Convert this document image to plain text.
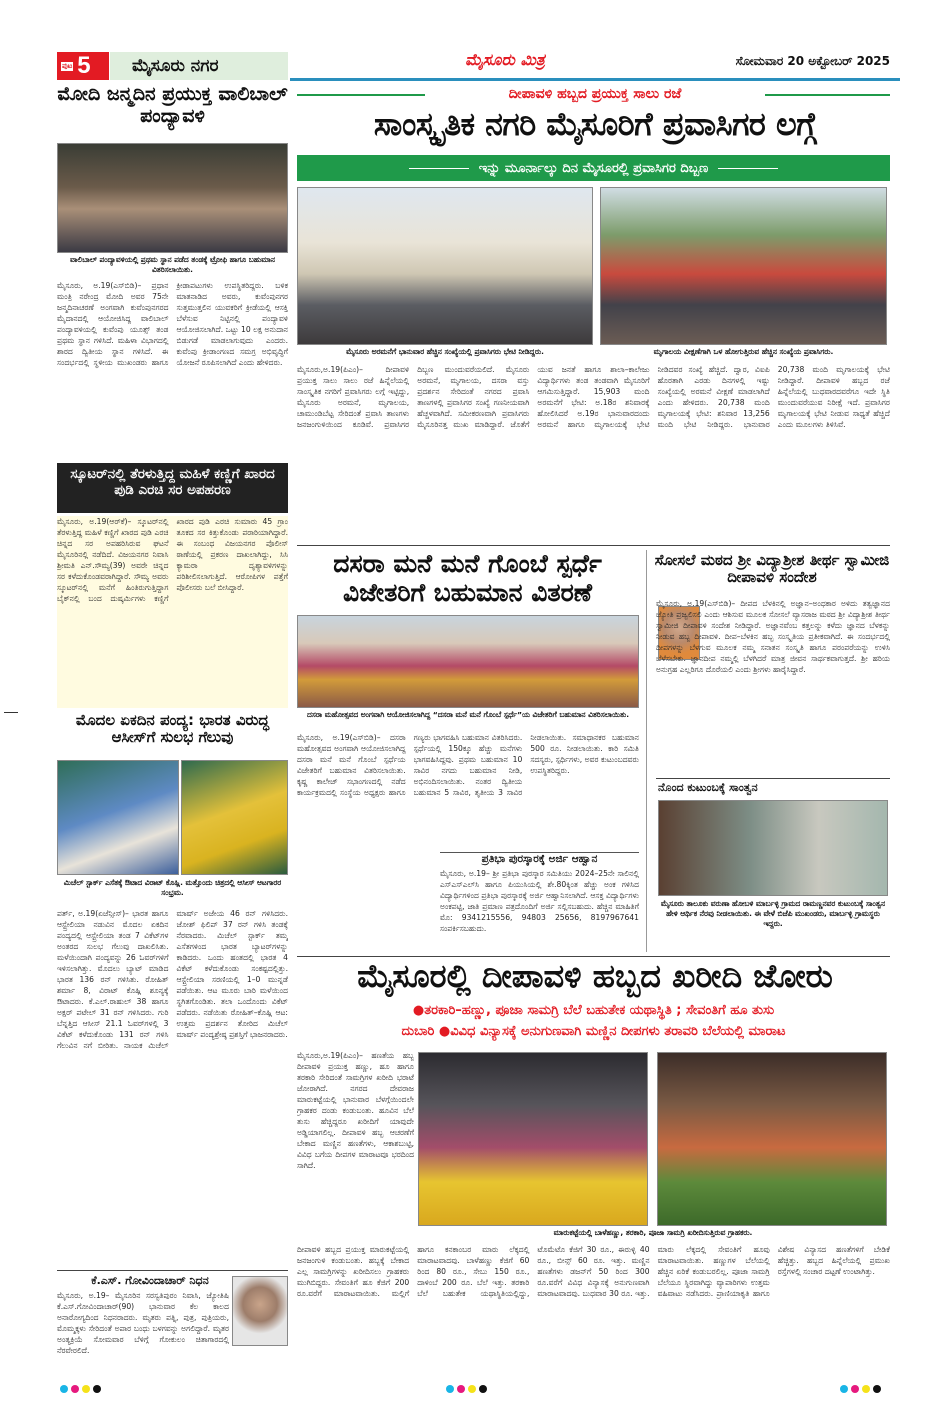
ಪುಟ 5	ಮೈಸೂರು ನಗರ	ಮೈಸೂರು ಮಿತ್ರ	ಸೋಮವಾರ 20 ಅಕ್ಟೋಬರ್ 2025
ಮೋದಿ ಜನ್ಮದಿನ ಪ್ರಯುಕ್ತ ವಾಲಿಬಾಲ್ ಪಂದ್ಯಾವಳಿ
ವಾಲಿಬಾಲ್ ಪಂದ್ಯಾವಳಿಯಲ್ಲಿ ಪ್ರಥಮ ಸ್ಥಾನ ಪಡೆದ ತಂಡಕ್ಕೆ ಟ್ರೋಫಿ ಹಾಗೂ ಬಹುಮಾನ ವಿತರಿಸಲಾಯಿತು.
ಮೈಸೂರು, ಅ.19(ಎಸ್‌ಬಿಡಿ)– ಪ್ರಧಾನ ಮಂತ್ರಿ ನರೇಂದ್ರ ಮೋದಿ ಅವರ 75ನೇ ಜನ್ಮದಿನಾಚರಣೆ ಅಂಗವಾಗಿ ಕುವೆಂಪುನಗರದ ಮೈದಾನದಲ್ಲಿ ಆಯೋಜಿಸಿದ್ದ ವಾಲಿಬಾಲ್ ಪಂದ್ಯಾವಳಿಯಲ್ಲಿ ಕುವೆಂಪು ಯೂತ್ಸ್ ತಂಡ ಪ್ರಥಮ ಸ್ಥಾನ ಗಳಿಸಿದೆ. ಮಹಿಳಾ ವಿಭಾಗದಲ್ಲಿ ಶಾರದ ದ್ವಿತೀಯ ಸ್ಥಾನ ಗಳಿಸಿದೆ. ಈ ಸಂದರ್ಭದಲ್ಲಿ ಸ್ಥಳೀಯ ಮುಖಂಡರು ಹಾಗೂ ಕ್ರೀಡಾಪಟುಗಳು ಉಪಸ್ಥಿತರಿದ್ದರು. ಬಳಿಕ ಮಾತನಾಡಿದ ಅವರು, ಕುವೆಂಪುನಗರ ಸುತ್ತಮುತ್ತಲಿನ ಯುವಕರಿಗೆ ಕ್ರೀಡೆಯಲ್ಲಿ ಆಸಕ್ತಿ ಬೆಳೆಸುವ ನಿಟ್ಟಿನಲ್ಲಿ ಪಂದ್ಯಾವಳಿ ಆಯೋಜಿಸಲಾಗಿದೆ. ಒಟ್ಟು 10 ಲಕ್ಷ ಅನುದಾನ ಬಿಡುಗಡೆ ಮಾಡಲಾಗುವುದು ಎಂದರು. ಕುವೆಂಪು ಕ್ರೀಡಾಂಗಣದ ಸಮಗ್ರ ಅಭಿವೃದ್ಧಿಗೆ ಯೋಜನೆ ರೂಪಿಸಲಾಗಿದೆ ಎಂದು ಹೇಳಿದರು.
ಸ್ಕೂಟರ್‌ನಲ್ಲಿ ತೆರಳುತ್ತಿದ್ದ ಮಹಿಳೆ ಕಣ್ಣಿಗೆ ಖಾರದ ಪುಡಿ ಎರಚಿ ಸರ ಅಪಹರಣ
ಮೈಸೂರು, ಅ.19(ಆರ್‌ಕೆ)– ಸ್ಕೂಟರ್‌ನಲ್ಲಿ ತೆರಳುತ್ತಿದ್ದ ಮಹಿಳೆ ಕಣ್ಣಿಗೆ ಖಾರದ ಪುಡಿ ಎರಚಿ ಚಿನ್ನದ ಸರ ಅಪಹರಿಸಿರುವ ಘಟನೆ ಮೈಸೂರಿನಲ್ಲಿ ನಡೆದಿದೆ. ವಿಜಯನಗರ ನಿವಾಸಿ ಶ್ರೀಮತಿ ಎನ್.ಸೌಮ್ಯ(39) ಅವರೇ ಚಿನ್ನದ ಸರ ಕಳೆದುಕೊಂಡವರಾಗಿದ್ದಾರೆ. ಸೌಮ್ಯ ಅವರು ಸ್ಕೂಟರ್‌ನಲ್ಲಿ ಮನೆಗೆ ಹಿಂತಿರುಗುತ್ತಿದ್ದಾಗ ಬೈಕ್‌ನಲ್ಲಿ ಬಂದ ದುಷ್ಕರ್ಮಿಗಳು ಕಣ್ಣಿಗೆ ಖಾರದ ಪುಡಿ ಎರಚಿ ಸುಮಾರು 45 ಗ್ರಾಂ ತೂಕದ ಸರ ಕಿತ್ತುಕೊಂಡು ಪರಾರಿಯಾಗಿದ್ದಾರೆ. ಈ ಸಂಬಂಧ ವಿಜಯನಗರ ಪೊಲೀಸ್ ಠಾಣೆಯಲ್ಲಿ ಪ್ರಕರಣ ದಾಖಲಾಗಿದ್ದು, ಸಿಸಿ ಕ್ಯಾಮರಾ ದೃಶ್ಯಾವಳಿಗಳನ್ನು ಪರಿಶೀಲಿಸಲಾಗುತ್ತಿದೆ. ಆರೋಪಿಗಳ ಪತ್ತೆಗೆ ಪೊಲೀಸರು ಬಲೆ ಬೀಸಿದ್ದಾರೆ.
ಮೊದಲ ಏಕದಿನ ಪಂದ್ಯ: ಭಾರತ ವಿರುದ್ಧ ಆಸೀಸ್‌ಗೆ ಸುಲಭ ಗೆಲುವು
ಮಿಚೆಲ್ ಸ್ಟಾರ್ಕ್ ಎಸೆತಕ್ಕೆ ಔಟಾದ ವಿರಾಟ್ ಕೊಹ್ಲಿ. ಮತ್ತೊಂದು ಚಿತ್ರದಲ್ಲಿ ಆಸೀಸ್ ಆಟಗಾರರ ಸಂಭ್ರಮ.
ಪರ್ತ್, ಅ.19(ಏಜೆನ್ಸೀಸ್)– ಭಾರತ ಹಾಗೂ ಆಸ್ಟ್ರೇಲಿಯಾ ನಡುವಿನ ಮೊದಲ ಏಕದಿನ ಪಂದ್ಯದಲ್ಲಿ ಆಸ್ಟ್ರೇಲಿಯಾ ತಂಡ 7 ವಿಕೆಟ್‌ಗಳ ಅಂತರದ ಸುಲಭ ಗೆಲುವು ದಾಖಲಿಸಿತು. ಮಳೆಯಿಂದಾಗಿ ಪಂದ್ಯವನ್ನು 26 ಓವರ್‌ಗಳಿಗೆ ಇಳಿಸಲಾಗಿತ್ತು. ಮೊದಲು ಬ್ಯಾಟ್ ಮಾಡಿದ ಭಾರತ 136 ರನ್ ಗಳಿಸಿತು. ರೋಹಿತ್ ಶರ್ಮಾ 8, ವಿರಾಟ್ ಕೊಹ್ಲಿ ಶೂನ್ಯಕ್ಕೆ ಔಟಾದರು. ಕೆ.ಎಲ್.ರಾಹುಲ್ 38 ಹಾಗೂ ಅಕ್ಷರ್ ಪಟೇಲ್ 31 ರನ್ ಗಳಿಸಿದರು. ಗುರಿ ಬೆನ್ನತ್ತಿದ ಆಸೀಸ್ 21.1 ಓವರ್‌ಗಳಲ್ಲಿ 3 ವಿಕೆಟ್ ಕಳೆದುಕೊಂಡು 131 ರನ್ ಗಳಿಸಿ ಗೆಲುವಿನ ನಗೆ ಬೀರಿತು. ನಾಯಕ ಮಿಚೆಲ್ ಮಾರ್ಷ್ ಅಜೇಯ 46 ರನ್ ಗಳಿಸಿದರು. ಜೋಶ್ ಫಿಲಿಪ್ 37 ರನ್ ಗಳಿಸಿ ತಂಡಕ್ಕೆ ನೆರವಾದರು. ಮಿಚೆಲ್ ಸ್ಟಾರ್ಕ್ ತಮ್ಮ ಎಸೆತಗಳಿಂದ ಭಾರತ ಬ್ಯಾಟರ್‌ಗಳನ್ನು ಕಾಡಿದರು. ಒಂದು ಹಂತದಲ್ಲಿ ಭಾರತ 4 ವಿಕೆಟ್ ಕಳೆದುಕೊಂಡು ಸಂಕಷ್ಟದಲ್ಲಿತ್ತು. ಆಸ್ಟ್ರೇಲಿಯಾ ಸರಣಿಯಲ್ಲಿ 1–0 ಮುನ್ನಡೆ ಪಡೆಯಿತು. ಆಟ ಮೂರು ಬಾರಿ ಮಳೆಯಿಂದ ಸ್ಥಗಿತಗೊಂಡಿತು. ತಲಾ ಒಂದೊಂದು ವಿಕೆಟ್ ಪಡೆದರು. ನಡೆಯಿತು ರೋಹಿತ್–ಕೊಹ್ಲಿ ಆಟ: ಉತ್ತಮ ಪ್ರದರ್ಶನ ತೋರಿದ ಮಿಚೆಲ್ ಮಾರ್ಷ್ ಪಂದ್ಯಶ್ರೇಷ್ಠ ಪ್ರಶಸ್ತಿಗೆ ಭಾಜನರಾದರು.
ಕೆ.ಎಸ್. ಗೋವಿಂದಾಚಾರ್ ನಿಧನ
ಮೈಸೂರು, ಅ.19– ಮೈಸೂರಿನ ಸರಸ್ವತಿಪುರಂ ನಿವಾಸಿ, ಜ್ಯೋತಿಷಿ ಕೆ.ಎಸ್.ಗೋವಿಂದಾಚಾರ್(90) ಭಾನುವಾರ ಕೆಲ ಕಾಲದ ಅನಾರೋಗ್ಯದಿಂದ ನಿಧನರಾದರು. ಮೃತರು ಪತ್ನಿ, ಪುತ್ರ, ಪುತ್ರಿಯರು, ಮೊಮ್ಮಕ್ಕಳು ಸೇರಿದಂತೆ ಅಪಾರ ಬಂಧು ಬಳಗವನ್ನು ಅಗಲಿದ್ದಾರೆ. ಮೃತರ ಅಂತ್ಯಕ್ರಿಯೆ ಸೋಮವಾರ ಬೆಳಿಗ್ಗೆ ಗೋಕುಲಂ ಚಿತಾಗಾರದಲ್ಲಿ ನೆರವೇರಲಿದೆ.
ದೀಪಾವಳಿ ಹಬ್ಬದ ಪ್ರಯುಕ್ತ ಸಾಲು ರಜೆ
ಸಾಂಸ್ಕೃತಿಕ ನಗರಿ ಮೈಸೂರಿಗೆ ಪ್ರವಾಸಿಗರ ಲಗ್ಗೆ
ಇನ್ನು ಮೂರ್ನಾಲ್ಕು ದಿನ ಮೈಸೂರಲ್ಲಿ ಪ್ರವಾಸಿಗರ ದಿಬ್ಬಣ
ಮೈಸೂರು ಅರಮನೆಗೆ ಭಾನುವಾರ ಹೆಚ್ಚಿನ ಸಂಖ್ಯೆಯಲ್ಲಿ ಪ್ರವಾಸಿಗರು ಭೇಟಿ ನೀಡಿದ್ದರು.	ಮೃಗಾಲಯ ವೀಕ್ಷಣೆಗಾಗಿ ಒಳ ಹೋಗುತ್ತಿರುವ ಹೆಚ್ಚಿನ ಸಂಖ್ಯೆಯ ಪ್ರವಾಸಿಗರು.
ಮೈಸೂರು,ಅ.19(ಪಿಎಂ)– ದೀಪಾವಳಿ ಪ್ರಯುಕ್ತ ಸಾಲು ಸಾಲು ರಜೆ ಹಿನ್ನೆಲೆಯಲ್ಲಿ ಸಾಂಸ್ಕೃತಿಕ ನಗರಿಗೆ ಪ್ರವಾಸಿಗರು ಲಗ್ಗೆ ಇಟ್ಟಿದ್ದು, ಮೈಸೂರು ಅರಮನೆ, ಮೃಗಾಲಯ, ಚಾಮುಂಡಿಬೆಟ್ಟ ಸೇರಿದಂತೆ ಪ್ರವಾಸಿ ತಾಣಗಳು ಜನಜಂಗುಳಿಯಿಂದ ಕೂಡಿವೆ. ಪ್ರವಾಸಿಗರ ದಿಬ್ಬಣ ಮುಂದುವರೆಯಲಿದೆ. ಮೈಸೂರು ಅರಮನೆ, ಮೃಗಾಲಯ, ದಸರಾ ವಸ್ತು ಪ್ರದರ್ಶನ ಸೇರಿದಂತೆ ನಗರದ ಪ್ರವಾಸಿ ತಾಣಗಳಲ್ಲಿ ಪ್ರವಾಸಿಗರ ಸಂಖ್ಯೆ ಗಣನೀಯವಾಗಿ ಹೆಚ್ಚಳವಾಗಿದೆ. ಸಮೀಕರಣವಾಗಿ ಪ್ರವಾಸಿಗರು ಮೈಸೂರಿನತ್ತ ಮುಖ ಮಾಡಿದ್ದಾರೆ. ಜೊತೆಗೆ ಯುವ ಜನತೆ ಹಾಗೂ ಶಾಲಾ–ಕಾಲೇಜು ವಿದ್ಯಾರ್ಥಿಗಳು ತಂಡ ತಂಡವಾಗಿ ಮೈಸೂರಿಗೆ ಆಗಮಿಸುತ್ತಿದ್ದಾರೆ. 15,903 ಮಂದಿ ಅರಮನೆಗೆ ಭೇಟಿ: ಅ.18ರ ಶನಿವಾರಕ್ಕೆ ಹೋಲಿಸಿದರೆ ಅ.19ರ ಭಾನುವಾರದಂದು ಅರಮನೆ ಹಾಗೂ ಮೃಗಾಲಯಕ್ಕೆ ಭೇಟಿ ನೀಡಿದವರ ಸಂಖ್ಯೆ ಹೆಚ್ಚಿದೆ. ದ್ವಾರ, ವಿಐಪಿ ಹೊರತಾಗಿ ಎರಡು ದಿನಗಳಲ್ಲಿ ಇಷ್ಟು ಸಂಖ್ಯೆಯಲ್ಲಿ ಅರಮನೆ ವೀಕ್ಷಣೆ ಮಾಡಲಾಗಿದೆ ಎಂದು ಹೇಳಿದರು. 20,738 ಮಂದಿ ಮೃಗಾಲಯಕ್ಕೆ ಭೇಟಿ: ಶನಿವಾರ 13,256 ಮಂದಿ ಭೇಟಿ ನೀಡಿದ್ದರು. ಭಾನುವಾರ 20,738 ಮಂದಿ ಮೃಗಾಲಯಕ್ಕೆ ಭೇಟಿ ನೀಡಿದ್ದಾರೆ. ದೀಪಾವಳಿ ಹಬ್ಬದ ರಜೆ ಹಿನ್ನೆಲೆಯಲ್ಲಿ ಬುಧವಾರದವರೆಗೂ ಇದೇ ಸ್ಥಿತಿ ಮುಂದುವರೆಯುವ ನಿರೀಕ್ಷೆ ಇದೆ. ಪ್ರವಾಸಿಗರ ಮೃಗಾಲಯಕ್ಕೆ ಭೇಟಿ ನೀಡುವ ಸಾಧ್ಯತೆ ಹೆಚ್ಚಿದೆ ಎಂದು ಮೂಲಗಳು ತಿಳಿಸಿವೆ.
ದಸರಾ ಮನೆ ಮನೆ ಗೊಂಬೆ ಸ್ಪರ್ಧೆ ವಿಜೇತರಿಗೆ ಬಹುಮಾನ ವಿತರಣೆ
ದಸರಾ ಮಹೋತ್ಸವದ ಅಂಗವಾಗಿ ಆಯೋಜಿಸಲಾಗಿದ್ದ “ದಸರಾ ಮನೆ ಮನೆ ಗೊಂಬೆ ಸ್ಪರ್ಧೆ”ಯ ವಿಜೇತರಿಗೆ ಬಹುಮಾನ ವಿತರಿಸಲಾಯಿತು.
ಮೈಸೂರು, ಅ.19(ಎಸ್‌ಬಿಡಿ)– ದಸರಾ ಮಹೋತ್ಸವದ ಅಂಗವಾಗಿ ಆಯೋಜಿಸಲಾಗಿದ್ದ ದಸರಾ ಮನೆ ಮನೆ ಗೊಂಬೆ ಸ್ಪರ್ಧೆಯ ವಿಜೇತರಿಗೆ ಬಹುಮಾನ ವಿತರಿಸಲಾಯಿತು. ಕೃಷ್ಣ ಕಾಲೇಜ್ ಸಭಾಂಗಣದಲ್ಲಿ ನಡೆದ ಕಾರ್ಯಕ್ರಮದಲ್ಲಿ ಸಂಸ್ಥೆಯ ಅಧ್ಯಕ್ಷರು ಹಾಗೂ ಗಣ್ಯರು ಭಾಗವಹಿಸಿ ಬಹುಮಾನ ವಿತರಿಸಿದರು. ಸ್ಪರ್ಧೆಯಲ್ಲಿ 150ಕ್ಕೂ ಹೆಚ್ಚು ಮನೆಗಳು ಭಾಗವಹಿಸಿದ್ದವು. ಪ್ರಥಮ ಬಹುಮಾನ 10 ಸಾವಿರ ನಗದು ಬಹುಮಾನ ನೀಡಿ, ಅಭಿನಂದಿಸಲಾಯಿತು. ನಂತರ ದ್ವಿತೀಯ ಬಹುಮಾನ 5 ಸಾವಿರ, ತೃತೀಯ 3 ಸಾವಿರ ನೀಡಲಾಯಿತು. ಸಮಾಧಾನಕರ ಬಹುಮಾನ 500 ರೂ. ನೀಡಲಾಯಿತು. ಕಾರಿ ಸಮಿತಿ ಸದಸ್ಯರು, ಸ್ಪರ್ಧಿಗಳು, ಅವರ ಕುಟುಂಬದವರು ಉಪಸ್ಥಿತರಿದ್ದರು.
ಪ್ರತಿಭಾ ಪುರಸ್ಕಾರಕ್ಕೆ ಅರ್ಜಿ ಆಹ್ವಾನ
ಮೈಸೂರು, ಅ.19– ಶ್ರೀ ಪ್ರತಿಭಾ ಪುರಸ್ಕಾರ ಸಮಿತಿಯು 2024–25ನೇ ಸಾಲಿನಲ್ಲಿ ಎಸ್‌ಎಸ್‌ಎಲ್‌ಸಿ ಹಾಗೂ ಪಿಯುಸಿಯಲ್ಲಿ ಶೇ.80ಕ್ಕಿಂತ ಹೆಚ್ಚು ಅಂಕ ಗಳಿಸಿದ ವಿದ್ಯಾರ್ಥಿಗಳಿಂದ ಪ್ರತಿಭಾ ಪುರಸ್ಕಾರಕ್ಕೆ ಅರ್ಜಿ ಆಹ್ವಾನಿಸಲಾಗಿದೆ. ಆಸಕ್ತ ವಿದ್ಯಾರ್ಥಿಗಳು ಅಂಕಪಟ್ಟಿ, ಜಾತಿ ಪ್ರಮಾಣ ಪತ್ರದೊಂದಿಗೆ ಅರ್ಜಿ ಸಲ್ಲಿಸಬಹುದು. ಹೆಚ್ಚಿನ ಮಾಹಿತಿಗೆ ಮೊ: 9341215556, 94803 25656, 8197967641 ಸಂಪರ್ಕಿಸಬಹುದು.
ಸೋಸಲೆ ಮಠದ ಶ್ರೀ ವಿದ್ಯಾಶ್ರೀಶ ತೀರ್ಥ ಸ್ವಾಮೀಜಿ ದೀಪಾವಳಿ ಸಂದೇಶ
ಮೈಸೂರು, ಅ.19(ಎಸ್‌ಬಿಡಿ)– ದೀಪದ ಬೆಳಕಿನಲ್ಲಿ ಅಜ್ಞಾನ–ಅಂಧಕಾರ ಅಳಿದು ತತ್ವಜ್ಞಾನದ ಜ್ಯೋತಿ ಪ್ರಜ್ವಲಿಸಲಿ ಎಂದು ಆಶಿಸುವ ಮೂಲಕ ಸೋಸಲೆ ವ್ಯಾಸರಾಜ ಮಠದ ಶ್ರೀ ವಿದ್ಯಾಶ್ರೀಶ ತೀರ್ಥ ಸ್ವಾಮೀಜಿ ದೀಪಾವಳಿ ಸಂದೇಶ ನೀಡಿದ್ದಾರೆ. ಅಜ್ಞಾನವೆಂಬ ಕತ್ತಲನ್ನು ಕಳೆದು ಜ್ಞಾನದ ಬೆಳಕನ್ನು ನೀಡುವ ಹಬ್ಬ ದೀಪಾವಳಿ. ದೀಪ–ಬೆಳಕಿನ ಹಬ್ಬ ಸಂಸ್ಕೃತಿಯ ಪ್ರತೀಕವಾಗಿದೆ. ಈ ಸಂದರ್ಭದಲ್ಲಿ ದೀಪಗಳನ್ನು ಬೆಳಗುವ ಮೂಲಕ ನಮ್ಮ ಸನಾತನ ಸಂಸ್ಕೃತಿ ಹಾಗೂ ಪರಂಪರೆಯನ್ನು ಉಳಿಸಿ ಬೆಳೆಸಬೇಕು. ಜ್ಞಾನದೀಪ ನಮ್ಮಲ್ಲಿ ಬೆಳಗಿದರೆ ಮಾತ್ರ ಜೀವನ ಸಾರ್ಥಕವಾಗುತ್ತದೆ. ಶ್ರೀ ಹರಿಯ ಅನುಗ್ರಹ ಎಲ್ಲರಿಗೂ ದೊರೆಯಲಿ ಎಂದು ಶ್ರೀಗಳು ಹಾರೈಸಿದ್ದಾರೆ.
ನೊಂದ ಕುಟುಂಬಕ್ಕೆ ಸಾಂತ್ವನ
ಮೈಸೂರು ತಾಲೂಕು ವರುಣಾ ಹೋಬಳಿ ಮಾರ್ಬಳ್ಳಿ ಗ್ರಾಮದ ರಾಮಣ್ಣನವರ ಕುಟುಂಬಕ್ಕೆ ಸಾಂತ್ವನ ಹೇಳಿ ಆರ್ಥಿಕ ನೆರವು ನೀಡಲಾಯಿತು. ಈ ವೇಳೆ ಬಿಜೆಪಿ ಮುಖಂಡರು, ಮಾರ್ಬಳ್ಳಿ ಗ್ರಾಮಸ್ಥರು ಇದ್ದರು.
ಮೈಸೂರಲ್ಲಿ ದೀಪಾವಳಿ ಹಬ್ಬದ ಖರೀದಿ ಜೋರು
●ತರಕಾರಿ–ಹಣ್ಣು, ಪೂಜಾ ಸಾಮಗ್ರಿ ಬೆಲೆ ಬಹುತೇಕ ಯಥಾಸ್ಥಿತಿ ; ಸೇವಂತಿಗೆ ಹೂ ತುಸು
ದುಬಾರಿ ●ವಿವಿಧ ವಿನ್ಯಾಸಕ್ಕೆ ಅನುಗುಣವಾಗಿ ಮಣ್ಣಿನ ದೀಪಗಳು ತರಾವರಿ ಬೆಲೆಯಲ್ಲಿ ಮಾರಾಟ
ಮೈಸೂರು,ಅ.19(ಪಿಎಂ)– ಹಣತೆಯ ಹಬ್ಬ ದೀಪಾವಳಿ ಪ್ರಯುಕ್ತ ಹಣ್ಣು, ಹೂ ಹಾಗೂ ತರಕಾರಿ ಸೇರಿದಂತೆ ಸಾಮಗ್ರಿಗಳ ಖರೀದಿ ಭರಾಟೆ ಜೋರಾಗಿದೆ. ನಗರದ ದೇವರಾಜ ಮಾರುಕಟ್ಟೆಯಲ್ಲಿ ಭಾನುವಾರ ಬೆಳಗ್ಗೆಯಿಂದಲೇ ಗ್ರಾಹಕರ ದಂಡು ಕಂಡುಬಂತು. ಹೂವಿನ ಬೆಲೆ ತುಸು ಹೆಚ್ಚಿದ್ದರೂ ಖರೀದಿಗೆ ಯಾವುದೇ ಅಡ್ಡಿಯಾಗಲಿಲ್ಲ. ದೀಪಾವಳಿ ಹಬ್ಬ ಆಚರಣೆಗೆ ಬೇಕಾದ ಮಣ್ಣಿನ ಹಣತೆಗಳು, ಆಕಾಶಬುಟ್ಟಿ, ವಿವಿಧ ಬಗೆಯ ದೀಪಗಳ ಮಾರಾಟವೂ ಭರದಿಂದ ಸಾಗಿದೆ.
ಮಾರುಕಟ್ಟೆಯಲ್ಲಿ ಬಾಳೆಹಣ್ಣು, ತರಕಾರಿ, ಪೂಜಾ ಸಾಮಗ್ರಿ ಖರೀದಿಸುತ್ತಿರುವ ಗ್ರಾಹಕರು.
ದೀಪಾವಳಿ ಹಬ್ಬದ ಪ್ರಯುಕ್ತ ಮಾರುಕಟ್ಟೆಯಲ್ಲಿ ಜನಜಂಗುಳಿ ಕಂಡುಬಂತು. ಹಬ್ಬಕ್ಕೆ ಬೇಕಾದ ಎಲ್ಲ ಸಾಮಗ್ರಿಗಳನ್ನು ಖರೀದಿಸಲು ಗ್ರಾಹಕರು ಮುಗಿಬಿದ್ದರು. ಸೇವಂತಿಗೆ ಹೂ ಕೆಜಿಗೆ 200 ರೂ.ವರೆಗೆ ಮಾರಾಟವಾಯಿತು. ಮಲ್ಲಿಗೆ ಹಾಗೂ ಕನಕಾಂಬರ ಮಾರು ಲೆಕ್ಕದಲ್ಲಿ ಮಾರಾಟವಾದವು. ಬಾಳೆಹಣ್ಣು ಕೆಜಿಗೆ 60 ರಿಂದ 80 ರೂ., ಸೇಬು 150 ರೂ., ದಾಳಿಂಬೆ 200 ರೂ. ಬೆಲೆ ಇತ್ತು. ತರಕಾರಿ ಬೆಲೆ ಬಹುತೇಕ ಯಥಾಸ್ಥಿತಿಯಲ್ಲಿದ್ದು, ಟೊಮೆಟೊ ಕೆಜಿಗೆ 30 ರೂ., ಈರುಳ್ಳಿ 40 ರೂ., ಬೀನ್ಸ್ 60 ರೂ. ಇತ್ತು. ಮಣ್ಣಿನ ಹಣತೆಗಳು ಡಜನ್‌ಗೆ 50 ರಿಂದ 300 ರೂ.ವರೆಗೆ ವಿವಿಧ ವಿನ್ಯಾಸಕ್ಕೆ ಅನುಗುಣವಾಗಿ ಮಾರಾಟವಾದವು. ಬುಧವಾರ 30 ರೂ. ಇತ್ತು. ಮಾರು ಲೆಕ್ಕದಲ್ಲಿ ಸೇವಂತಿಗೆ ಹೂವು ಮಾರಾಟವಾಯಿತು. ಹಣ್ಣುಗಳ ಬೆಲೆಯಲ್ಲಿ ಹೆಚ್ಚಿನ ಏರಿಕೆ ಕಂಡುಬರಲಿಲ್ಲ. ಪೂಜಾ ಸಾಮಗ್ರಿ ಬೆಲೆಯೂ ಸ್ಥಿರವಾಗಿದ್ದು ವ್ಯಾಪಾರಿಗಳು ಉತ್ತಮ ವಹಿವಾಟು ನಡೆಸಿದರು. ಪ್ರಾಣಿಯಾಕೃತಿ ಹಾಗೂ ವಿಶೇಷ ವಿನ್ಯಾಸದ ಹಣತೆಗಳಿಗೆ ಬೇಡಿಕೆ ಹೆಚ್ಚಿತ್ತು. ಹಬ್ಬದ ಹಿನ್ನೆಲೆಯಲ್ಲಿ ಪ್ರಮುಖ ರಸ್ತೆಗಳಲ್ಲಿ ಸಂಚಾರ ದಟ್ಟಣೆ ಉಂಟಾಗಿತ್ತು.
